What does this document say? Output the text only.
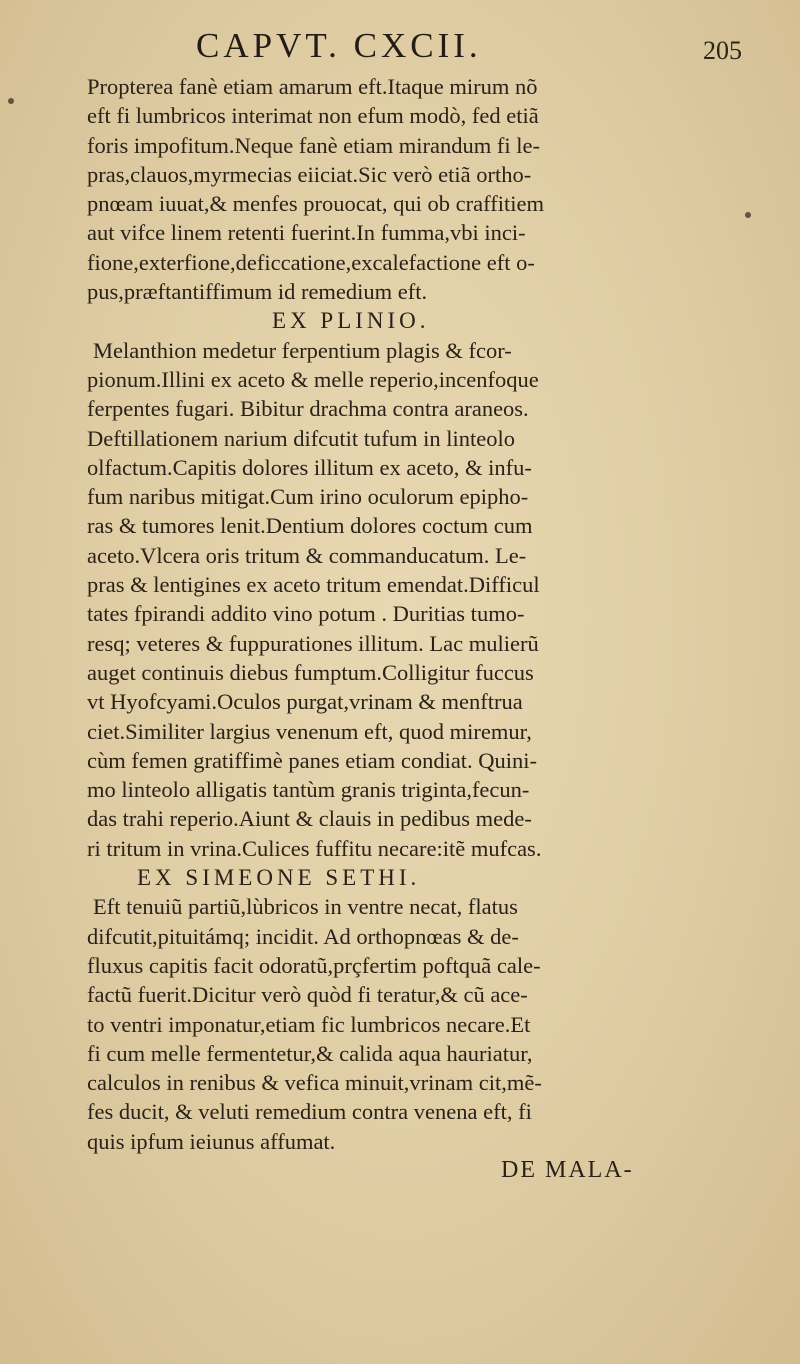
CAPVT. CXCII.	205
Propterea fanè etiam amarum eft.Itaque mirum nõ
eft fi lumbricos interimat non efum modò, fed etiã
foris impofitum.Neque fanè etiam mirandum fi le-
pras,clauos,myrmecias eiiciat.Sic verò etiã ortho-
pnœam iuuat,& menfes prouocat, qui ob craffitiem
aut vifce linem retenti fuerint.In fumma,vbi inci-
fione,exterfione,deficcatione,excalefactione eft o-
pus,præftantiffimum id remedium eft.
EX PLINIO.
Melanthion medetur ferpentium plagis & fcor-
pionum.Illini ex aceto & melle reperio,incenfoque
ferpentes fugari. Bibitur drachma contra araneos.
Deftillationem narium difcutit tufum in linteolo
olfactum.Capitis dolores illitum ex aceto, & infu-
fum naribus mitigat.Cum irino oculorum epipho-
ras & tumores lenit.Dentium dolores coctum cum
aceto.Vlcera oris tritum & commanducatum. Le-
pras & lentigines ex aceto tritum emendat.Difficul
tates fpirandi addito vino potum . Duritias tumo-
resq; veteres & fuppurationes illitum. Lac mulierũ
auget continuis diebus fumptum.Colligitur fuccus
vt Hyofcyami.Oculos purgat,vrinam & menftrua
ciet.Similiter largius venenum eft, quod miremur,
cùm femen gratiffimè panes etiam condiat. Quini-
mo linteolo alligatis tantùm granis triginta,fecun-
das trahi reperio.Aiunt & clauis in pedibus mede-
ri tritum in vrina.Culices fuffitu necare:itẽ mufcas.
EX SIMEONE SETHI.
Eft tenuiũ partiũ,lùbricos in ventre necat, flatus
difcutit,pituitámq; incidit. Ad orthopnœas & de-
fluxus capitis facit odoratũ,prçfertim poftquã cale-
factũ fuerit.Dicitur verò quòd fi teratur,& cũ ace-
to ventri imponatur,etiam fic lumbricos necare.Et
fi cum melle fermentetur,& calida aqua hauriatur,
calculos in renibus & vefica minuit,vrinam cit,mẽ-
fes ducit, & veluti remedium contra venena eft, fi
quis ipfum ieiunus affumat.
DE MALA-
